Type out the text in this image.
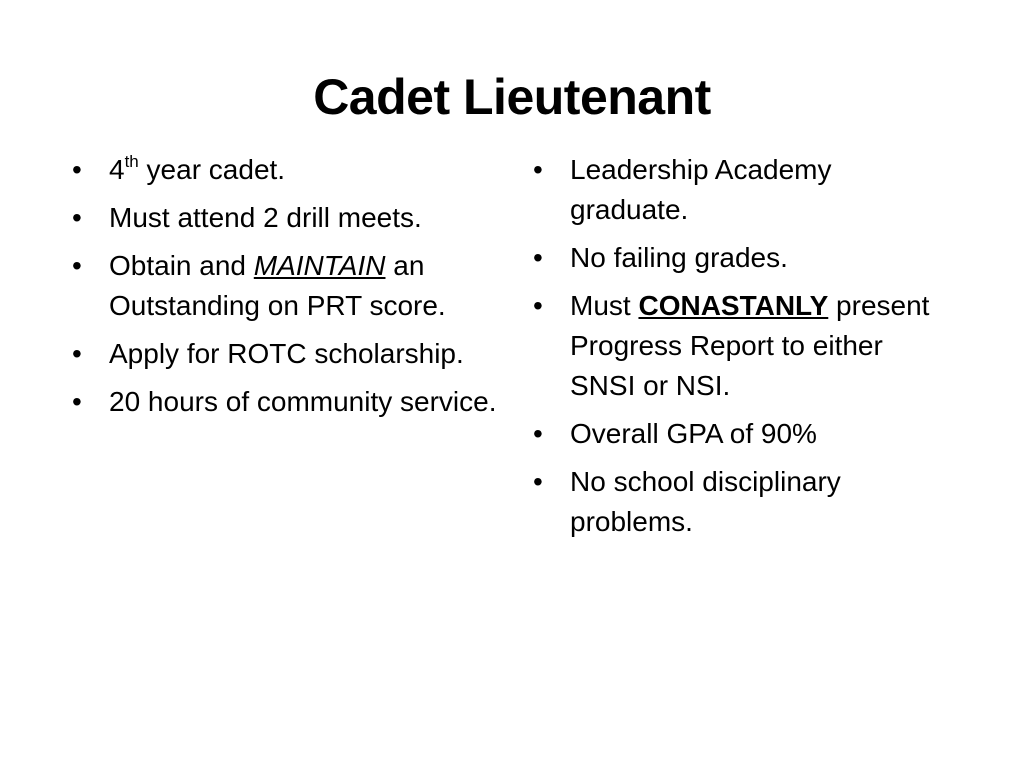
Cadet Lieutenant
• 4th year cadet.
• Must attend 2 drill meets.
• Obtain and MAINTAIN an Outstanding on PRT score.
• Apply for ROTC scholarship.
• 20 hours of community service.
• Leadership Academy graduate.
• No failing grades.
• Must CONASTANLY present Progress Report to either SNSI or NSI.
• Overall GPA of 90%
• No school disciplinary problems.
